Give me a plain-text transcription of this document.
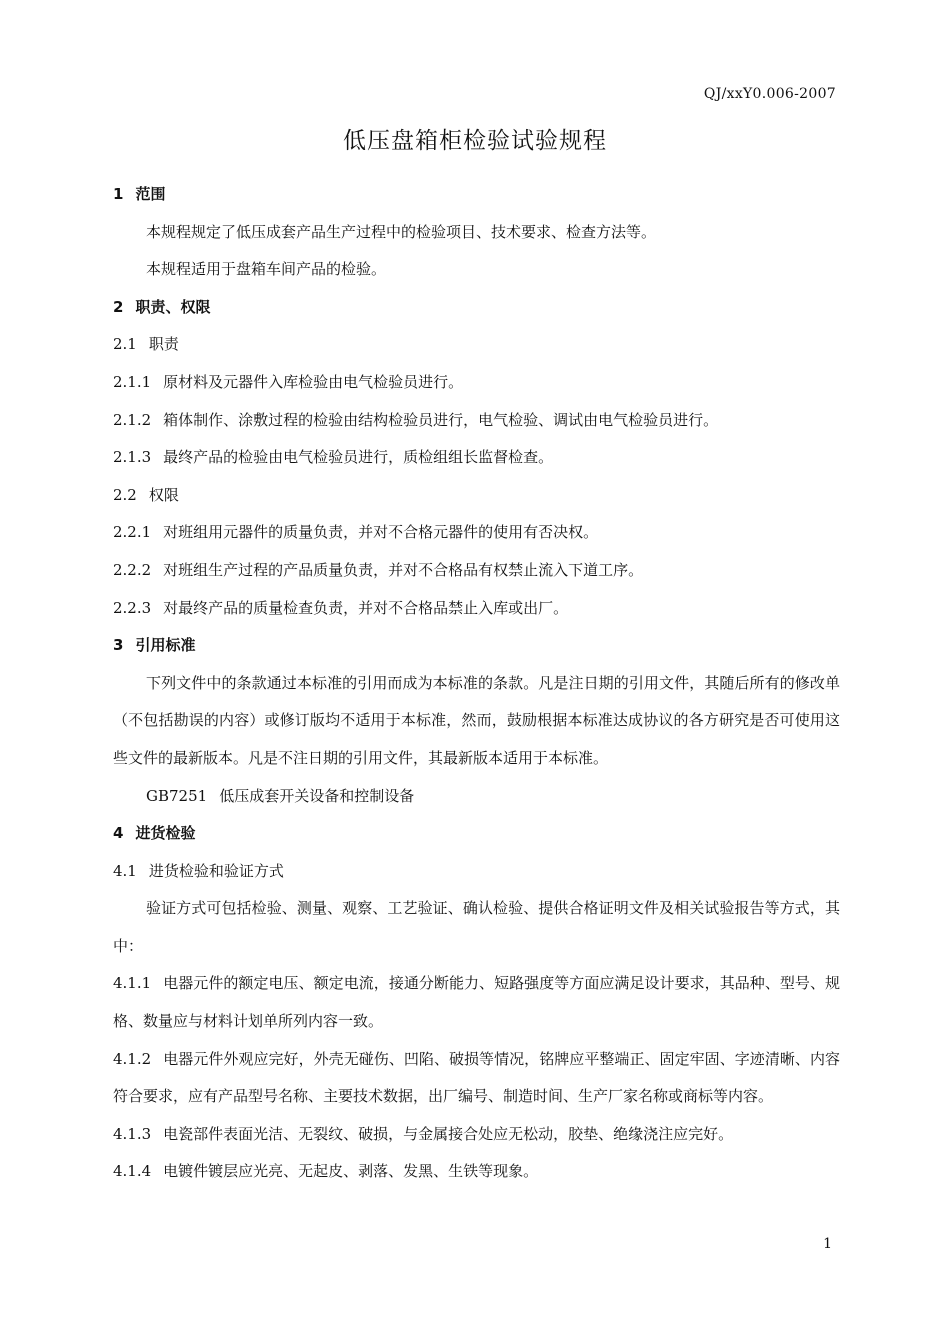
QJ/xxY0.006-2007
低压盘箱柜检验试验规程
1 范围
本规程规定了低压成套产品生产过程中的检验项目、技术要求、检查方法等。
本规程适用于盘箱车间产品的检验。
2 职责、权限
2.1 职责
2.1.1 原材料及元器件入库检验由电气检验员进行。
2.1.2 箱体制作、涂敷过程的检验由结构检验员进行，电气检验、调试由电气检验员进行。
2.1.3 最终产品的检验由电气检验员进行，质检组组长监督检查。
2.2 权限
2.2.1 对班组用元器件的质量负责，并对不合格元器件的使用有否决权。
2.2.2 对班组生产过程的产品质量负责，并对不合格品有权禁止流入下道工序。
2.2.3 对最终产品的质量检查负责，并对不合格品禁止入库或出厂。
3 引用标准
下列文件中的条款通过本标准的引用而成为本标准的条款。凡是注日期的引用文件，其随后所有的修改单（不包括勘误的内容）或修订版均不适用于本标准，然而，鼓励根据本标准达成协议的各方研究是否可使用这些文件的最新版本。凡是不注日期的引用文件，其最新版本适用于本标准。
GB7251 低压成套开关设备和控制设备
4 进货检验
4.1 进货检验和验证方式
验证方式可包括检验、测量、观察、工艺验证、确认检验、提供合格证明文件及相关试验报告等方式，其中：
4.1.1 电器元件的额定电压、额定电流，接通分断能力、短路强度等方面应满足设计要求，其品种、型号、规格、数量应与材料计划单所列内容一致。
4.1.2 电器元件外观应完好，外壳无碰伤、凹陷、破损等情况，铭牌应平整端正、固定牢固、字迹清晰、内容符合要求，应有产品型号名称、主要技术数据，出厂编号、制造时间、生产厂家名称或商标等内容。
4.1.3 电瓷部件表面光洁、无裂纹、破损，与金属接合处应无松动，胶垫、绝缘浇注应完好。
4.1.4 电镀件镀层应光亮、无起皮、剥落、发黑、生铁等现象。
1
